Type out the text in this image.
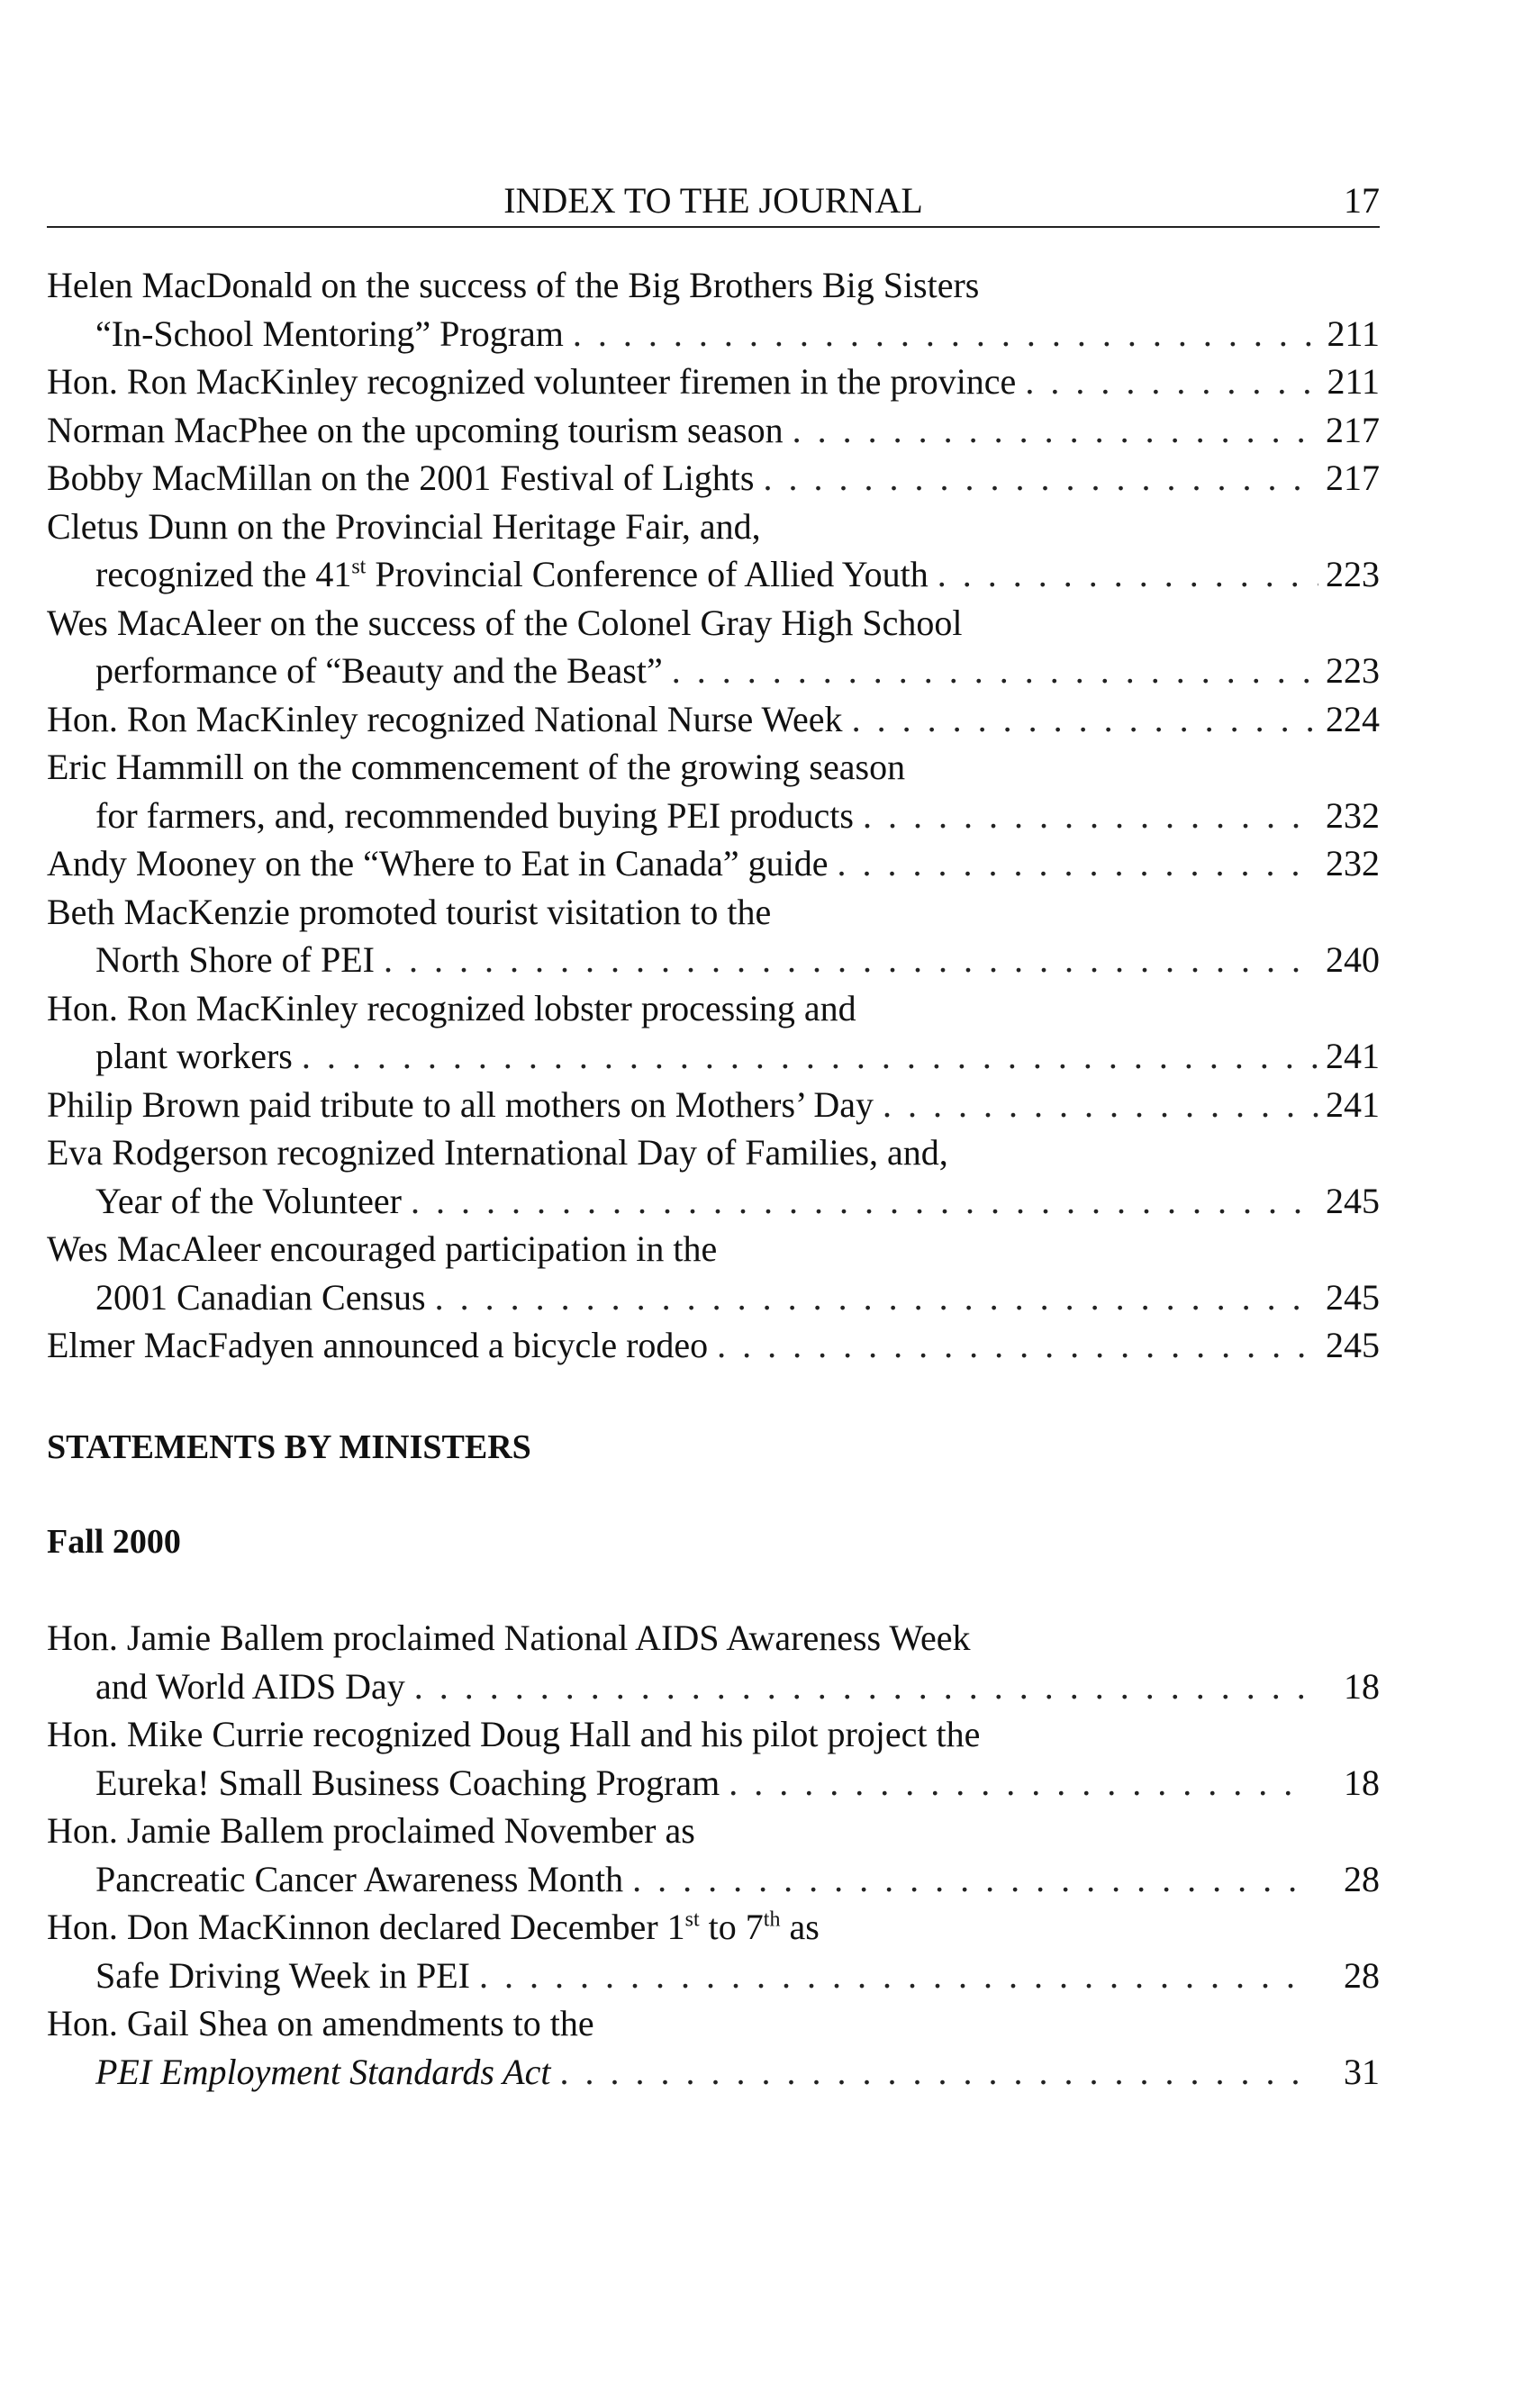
INDEX TO THE JOURNAL	17
Helen MacDonald on the success of the Big Brothers Big Sisters
“In-School Mentoring” Program . . .	211
Hon. Ron MacKinley recognized volunteer firemen in the province . . .	211
Norman MacPhee on the upcoming tourism season . . .	217
Bobby MacMillan on the 2001 Festival of Lights . . .	217
Cletus Dunn on the Provincial Heritage Fair, and,
recognized the 41st Provincial Conference of Allied Youth . . .	223
Wes MacAleer on the success of the Colonel Gray High School
performance of “Beauty and the Beast” . . .	223
Hon. Ron MacKinley recognized National Nurse Week . . .	224
Eric Hammill on the commencement of the growing season
for farmers, and, recommended buying PEI products . . .	232
Andy Mooney on the “Where to Eat in Canada” guide . . .	232
Beth MacKenzie promoted tourist visitation to the
North Shore of PEI . . .	240
Hon. Ron MacKinley recognized lobster processing and
plant workers . . .	241
Philip Brown paid tribute to all mothers on Mothers’ Day . . .	241
Eva Rodgerson recognized International Day of Families, and,
Year of the Volunteer . . .	245
Wes MacAleer encouraged participation in the
2001 Canadian Census . . .	245
Elmer MacFadyen announced a bicycle rodeo . . .	245
STATEMENTS BY MINISTERS
Fall 2000
Hon. Jamie Ballem proclaimed National AIDS Awareness Week
and World AIDS Day . . .	18
Hon. Mike Currie recognized Doug Hall and his pilot project the
Eureka! Small Business Coaching Program . . .	18
Hon. Jamie Ballem proclaimed November as
Pancreatic Cancer Awareness Month . . .	28
Hon. Don MacKinnon declared December 1st to 7th as
Safe Driving Week in PEI . . .	28
Hon. Gail Shea on amendments to the
PEI Employment Standards Act . . .	31
